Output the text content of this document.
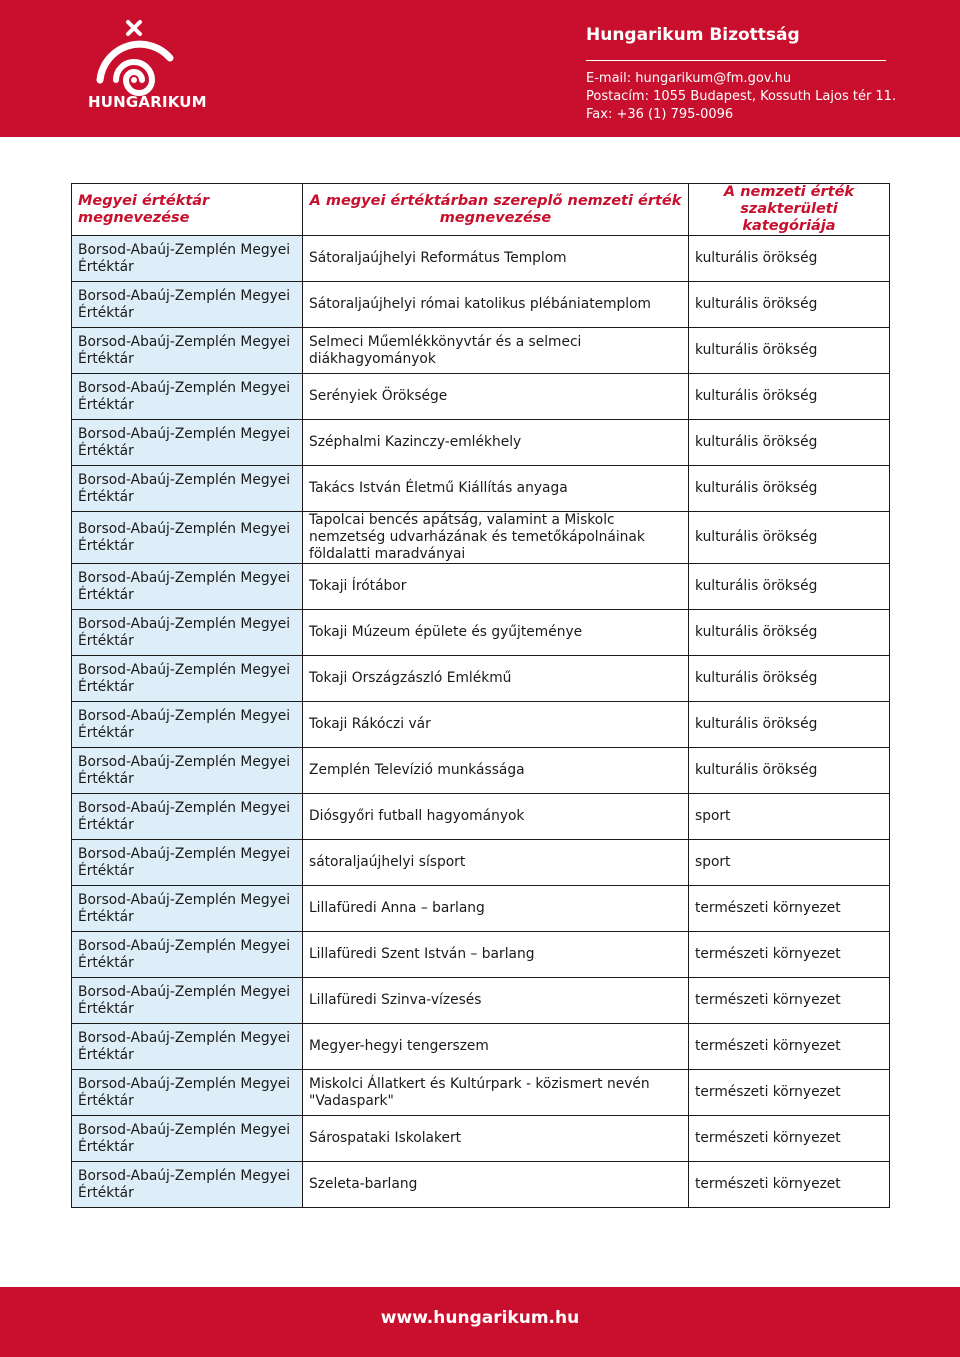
HUNGARIKUM
Hungarikum Bizottság
E-mail: hungarikum@fm.gov.hu
Postacím: 1055 Budapest, Kossuth Lajos tér 11.
Fax: +36 (1) 795-0096
Megyei értéktár megnevezése	A megyei értéktárban szereplő nemzeti érték megnevezése	A nemzeti érték szakterületi kategóriája
Borsod-Abaúj-Zemplén Megyei Értéktár	Sátoraljaújhelyi Református Templom	kulturális örökség
Borsod-Abaúj-Zemplén Megyei Értéktár	Sátoraljaújhelyi római katolikus plébániatemplom	kulturális örökség
Borsod-Abaúj-Zemplén Megyei Értéktár	Selmeci Műemlékkönyvtár és a selmeci diákhagyományok	kulturális örökség
Borsod-Abaúj-Zemplén Megyei Értéktár	Serényiek Öröksége	kulturális örökség
Borsod-Abaúj-Zemplén Megyei Értéktár	Széphalmi Kazinczy-emlékhely	kulturális örökség
Borsod-Abaúj-Zemplén Megyei Értéktár	Takács István Életmű Kiállítás anyaga	kulturális örökség
Borsod-Abaúj-Zemplén Megyei Értéktár	Tapolcai bencés apátság, valamint a Miskolc nemzetség udvarházának és temetőkápolnáinak földalatti maradványai	kulturális örökség
Borsod-Abaúj-Zemplén Megyei Értéktár	Tokaji Írótábor	kulturális örökség
Borsod-Abaúj-Zemplén Megyei Értéktár	Tokaji Múzeum épülete és gyűjteménye	kulturális örökség
Borsod-Abaúj-Zemplén Megyei Értéktár	Tokaji Országzászló Emlékmű	kulturális örökség
Borsod-Abaúj-Zemplén Megyei Értéktár	Tokaji Rákóczi vár	kulturális örökség
Borsod-Abaúj-Zemplén Megyei Értéktár	Zemplén Televízió munkássága	kulturális örökség
Borsod-Abaúj-Zemplén Megyei Értéktár	Diósgyőri futball hagyományok	sport
Borsod-Abaúj-Zemplén Megyei Értéktár	sátoraljaújhelyi sísport	sport
Borsod-Abaúj-Zemplén Megyei Értéktár	Lillafüredi Anna – barlang	természeti környezet
Borsod-Abaúj-Zemplén Megyei Értéktár	Lillafüredi Szent István – barlang	természeti környezet
Borsod-Abaúj-Zemplén Megyei Értéktár	Lillafüredi Szinva-vízesés	természeti környezet
Borsod-Abaúj-Zemplén Megyei Értéktár	Megyer-hegyi tengerszem	természeti környezet
Borsod-Abaúj-Zemplén Megyei Értéktár	Miskolci Állatkert és Kultúrpark - közismert nevén "Vadaspark"	természeti környezet
Borsod-Abaúj-Zemplén Megyei Értéktár	Sárospataki Iskolakert	természeti környezet
Borsod-Abaúj-Zemplén Megyei Értéktár	Szeleta-barlang	természeti környezet
www.hungarikum.hu
